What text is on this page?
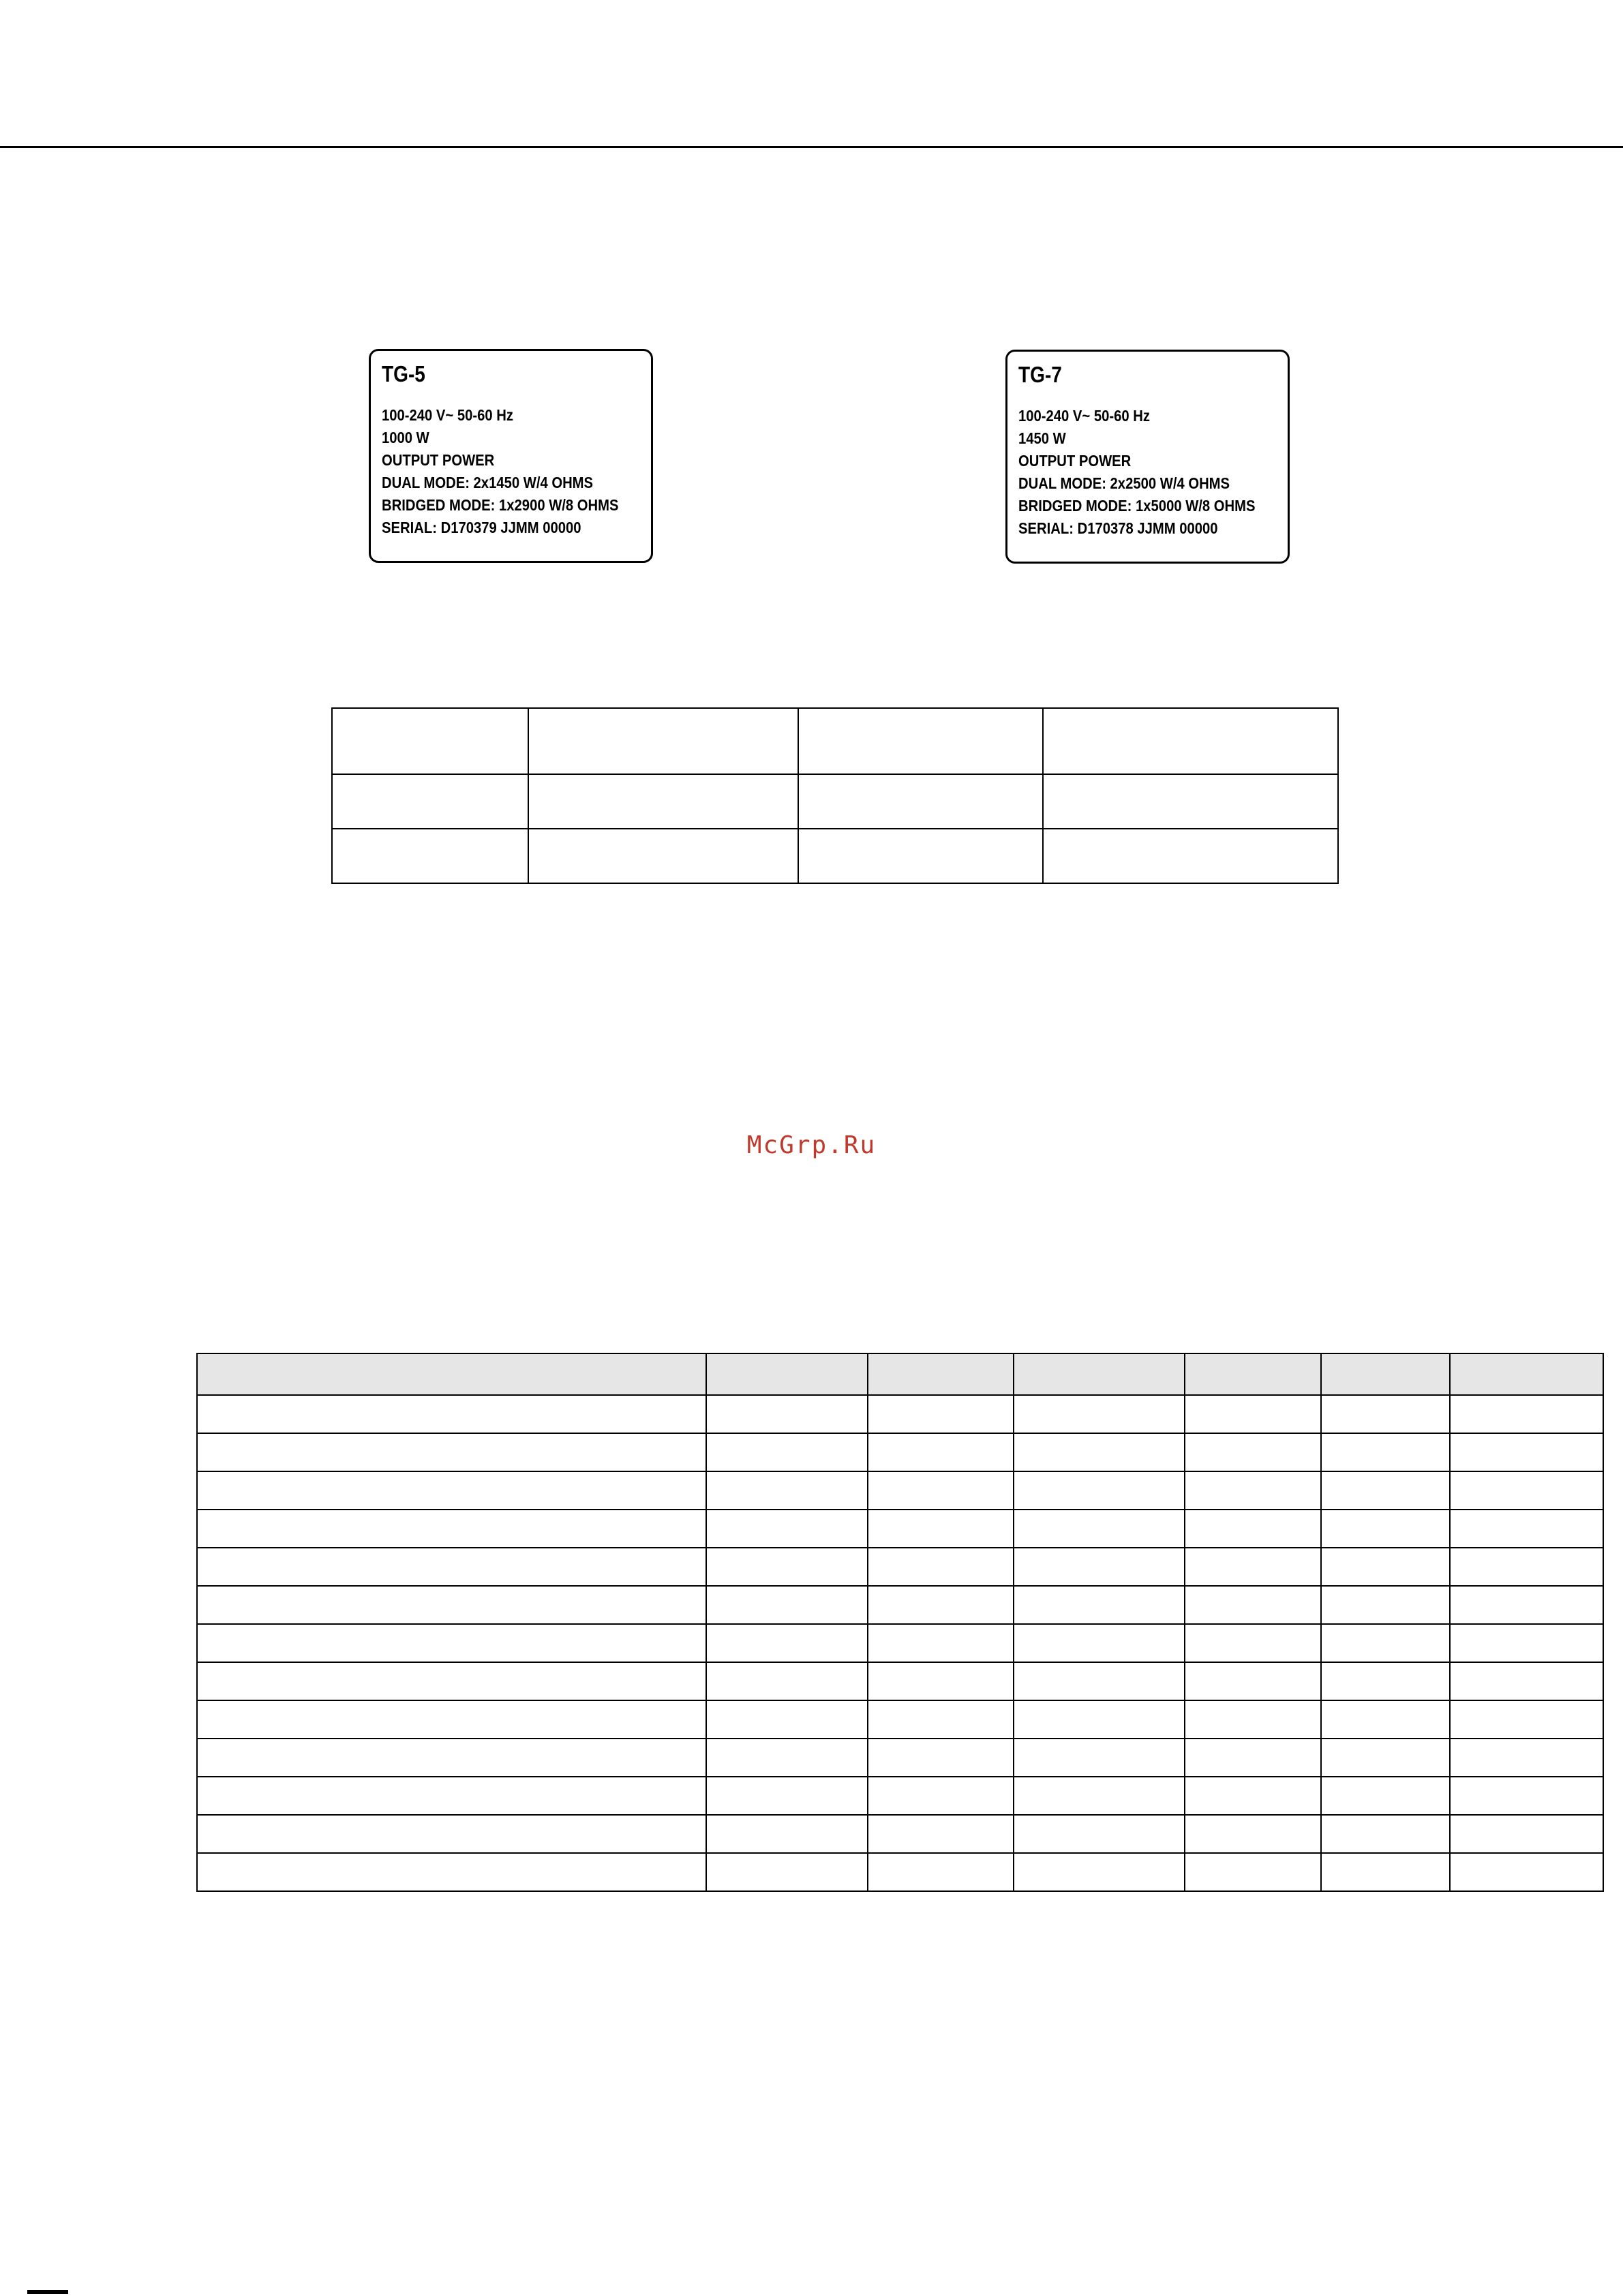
TG-5
100-240 V~ 50-60 Hz
1000 W
OUTPUT POWER
DUAL MODE: 2x1450 W/4 OHMS
BRIDGED MODE: 1x2900 W/8 OHMS
SERIAL: D170379 JJMM 00000
TG-7
100-240 V~ 50-60 Hz
1450 W
OUTPUT POWER
DUAL MODE: 2x2500 W/4 OHMS
BRIDGED MODE: 1x5000 W/8 OHMS
SERIAL: D170378 JJMM 00000

McGrp.Ru
